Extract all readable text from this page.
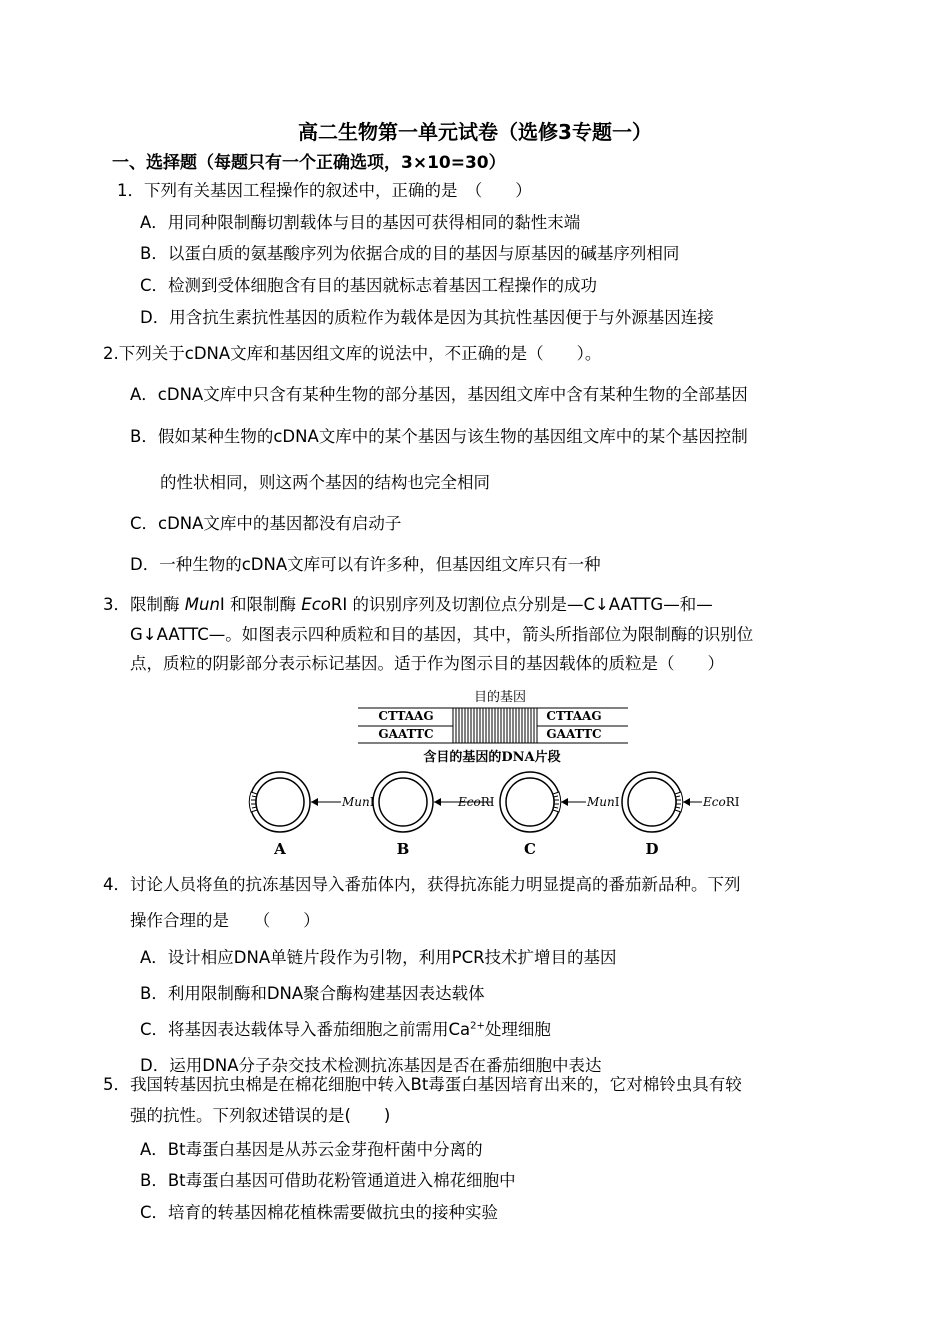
高二生物第一单元试卷（选修3专题一）
一、选择题（每题只有一个正确选项，3×10=30）
1．下列有关基因工程操作的叙述中，正确的是　（　　）
A．用同种限制酶切割载体与目的基因可获得相同的黏性末端
B．以蛋白质的氨基酸序列为依据合成的目的基因与原基因的碱基序列相同
C．检测到受体细胞含有目的基因就标志着基因工程操作的成功
D．用含抗生素抗性基因的质粒作为载体是因为其抗性基因便于与外源基因连接
2.下列关于cDNA文库和基因组文库的说法中，不正确的是（　　）。
A．cDNA文库中只含有某种生物的部分基因，基因组文库中含有某种生物的全部基因
B．假如某种生物的cDNA文库中的某个基因与该生物的基因组文库中的某个基因控制
的性状相同，则这两个基因的结构也完全相同
C．cDNA文库中的基因都没有启动子
D．一种生物的cDNA文库可以有许多种，但基因组文库只有一种
3．限制酶 MunⅠ 和限制酶 EcoRⅠ 的识别序列及切割位点分别是—C↓AATTG—和—
G↓AATTC—。如图表示四种质粒和目的基因，其中，箭头所指部位为限制酶的识别位
点，质粒的阴影部分表示标记基因。适于作为图示目的基因载体的质粒是（　　）
目的基因
CTTAAG
GAATTC
CTTAAG
GAATTC
含目的基因的DNA片段
MunI
A
EcoRI
B
MunI
C
EcoRI
D
4．讨论人员将鱼的抗冻基因导入番茄体内，获得抗冻能力明显提高的番茄新品种。下列
操作合理的是　　（　　）
A．设计相应DNA单链片段作为引物，利用PCR技术扩增目的基因
B．利用限制酶和DNA聚合酶构建基因表达载体
C．将基因表达载体导入番茄细胞之前需用$Ca^{2+}$处理细胞
D．运用DNA分子杂交技术检测抗冻基因是否在番茄细胞中表达
5．我国转基因抗虫棉是在棉花细胞中转入Bt毒蛋白基因培育出来的，它对棉铃虫具有较
强的抗性。下列叙述错误的是(　　)
A．Bt毒蛋白基因是从苏云金芽孢杆菌中分离的
B．Bt毒蛋白基因可借助花粉管通道进入棉花细胞中
C．培育的转基因棉花植株需要做抗虫的接种实验
